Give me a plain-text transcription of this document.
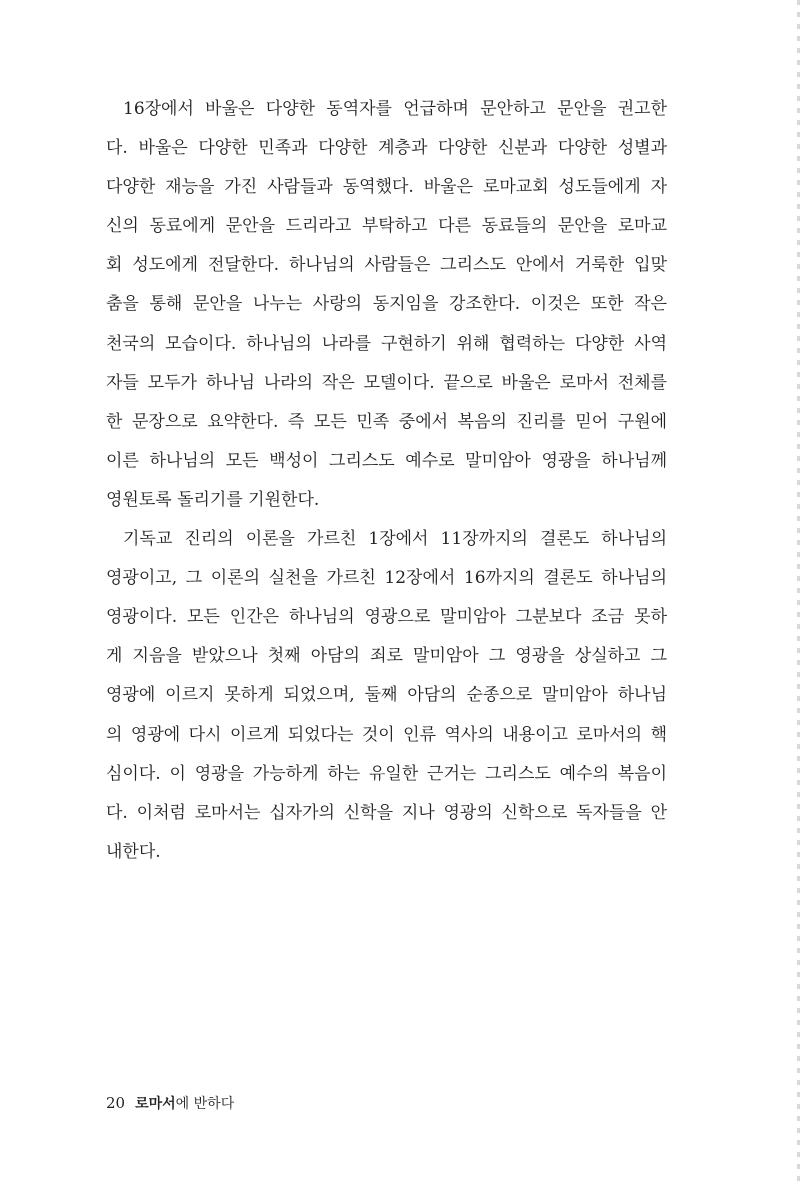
16장에서 바울은 다양한 동역자를 언급하며 문안하고 문안을 권고한
다. 바울은 다양한 민족과 다양한 계층과 다양한 신분과 다양한 성별과
다양한 재능을 가진 사람들과 동역했다. 바울은 로마교회 성도들에게 자
신의 동료에게 문안을 드리라고 부탁하고 다른 동료들의 문안을 로마교
회 성도에게 전달한다. 하나님의 사람들은 그리스도 안에서 거룩한 입맞
춤을 통해 문안을 나누는 사랑의 동지임을 강조한다. 이것은 또한 작은
천국의 모습이다. 하나님의 나라를 구현하기 위해 협력하는 다양한 사역
자들 모두가 하나님 나라의 작은 모델이다. 끝으로 바울은 로마서 전체를
한 문장으로 요약한다. 즉 모든 민족 중에서 복음의 진리를 믿어 구원에
이른 하나님의 모든 백성이 그리스도 예수로 말미암아 영광을 하나님께
영원토록 돌리기를 기원한다.
기독교 진리의 이론을 가르친 1장에서 11장까지의 결론도 하나님의
영광이고, 그 이론의 실천을 가르친 12장에서 16까지의 결론도 하나님의
영광이다. 모든 인간은 하나님의 영광으로 말미암아 그분보다 조금 못하
게 지음을 받았으나 첫째 아담의 죄로 말미암아 그 영광을 상실하고 그
영광에 이르지 못하게 되었으며, 둘째 아담의 순종으로 말미암아 하나님
의 영광에 다시 이르게 되었다는 것이 인류 역사의 내용이고 로마서의 핵
심이다. 이 영광을 가능하게 하는 유일한 근거는 그리스도 예수의 복음이
다. 이처럼 로마서는 십자가의 신학을 지나 영광의 신학으로 독자들을 안
내한다.
20 로마서에 반하다
